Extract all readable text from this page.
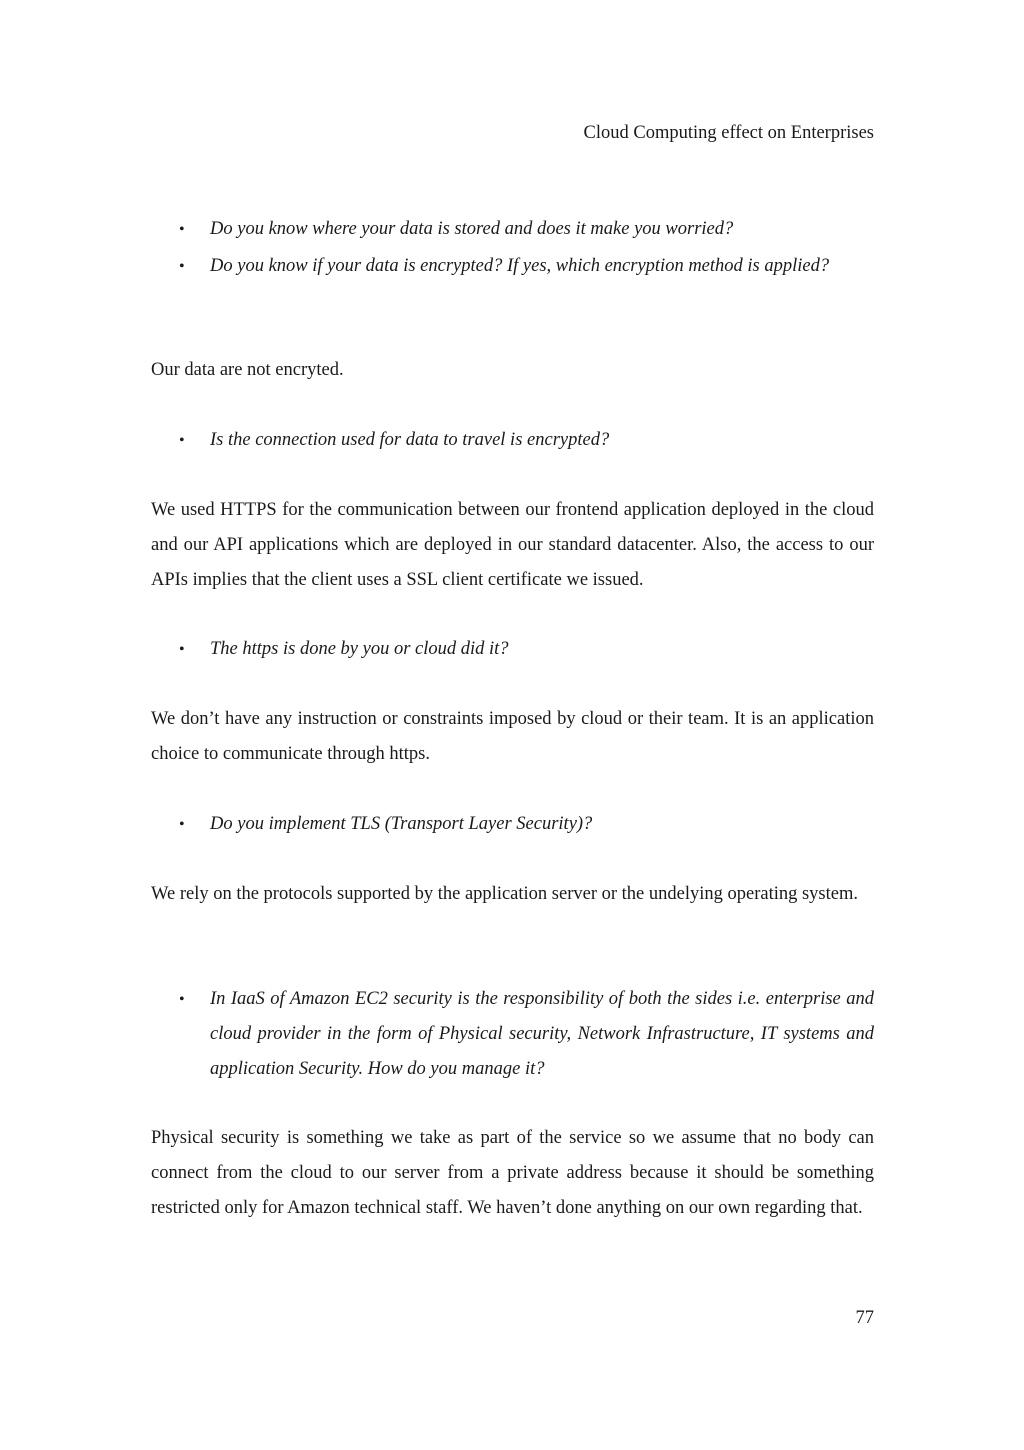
Cloud Computing effect on Enterprises
• Do you know where your data is stored and does it make you worried?
• Do you know if your data is encrypted? If yes, which encryption method is applied?

Our data are not encryted.

• Is the connection used for data to travel is encrypted?

We used HTTPS for the communication between our frontend application deployed in the cloud and our API applications which are deployed in our standard datacenter. Also, the access to our APIs implies that the client uses a SSL client certificate we issued.

• The https is done by you or cloud did it?

We don’t have any instruction or constraints imposed by cloud or their team. It is an application choice to communicate through https.

• Do you implement TLS (Transport Layer Security)?

We rely on the protocols supported by the application server or the undelying operating system.

• In IaaS of Amazon EC2 security is the responsibility of both the sides i.e. enterprise and cloud provider in the form of Physical security, Network Infrastructure, IT systems and application Security. How do you manage it?

Physical security is something we take as part of the service so we assume that no body can connect from the cloud to our server from a private address because it should be something restricted only for Amazon technical staff. We haven’t done anything on our own regarding that.

77
